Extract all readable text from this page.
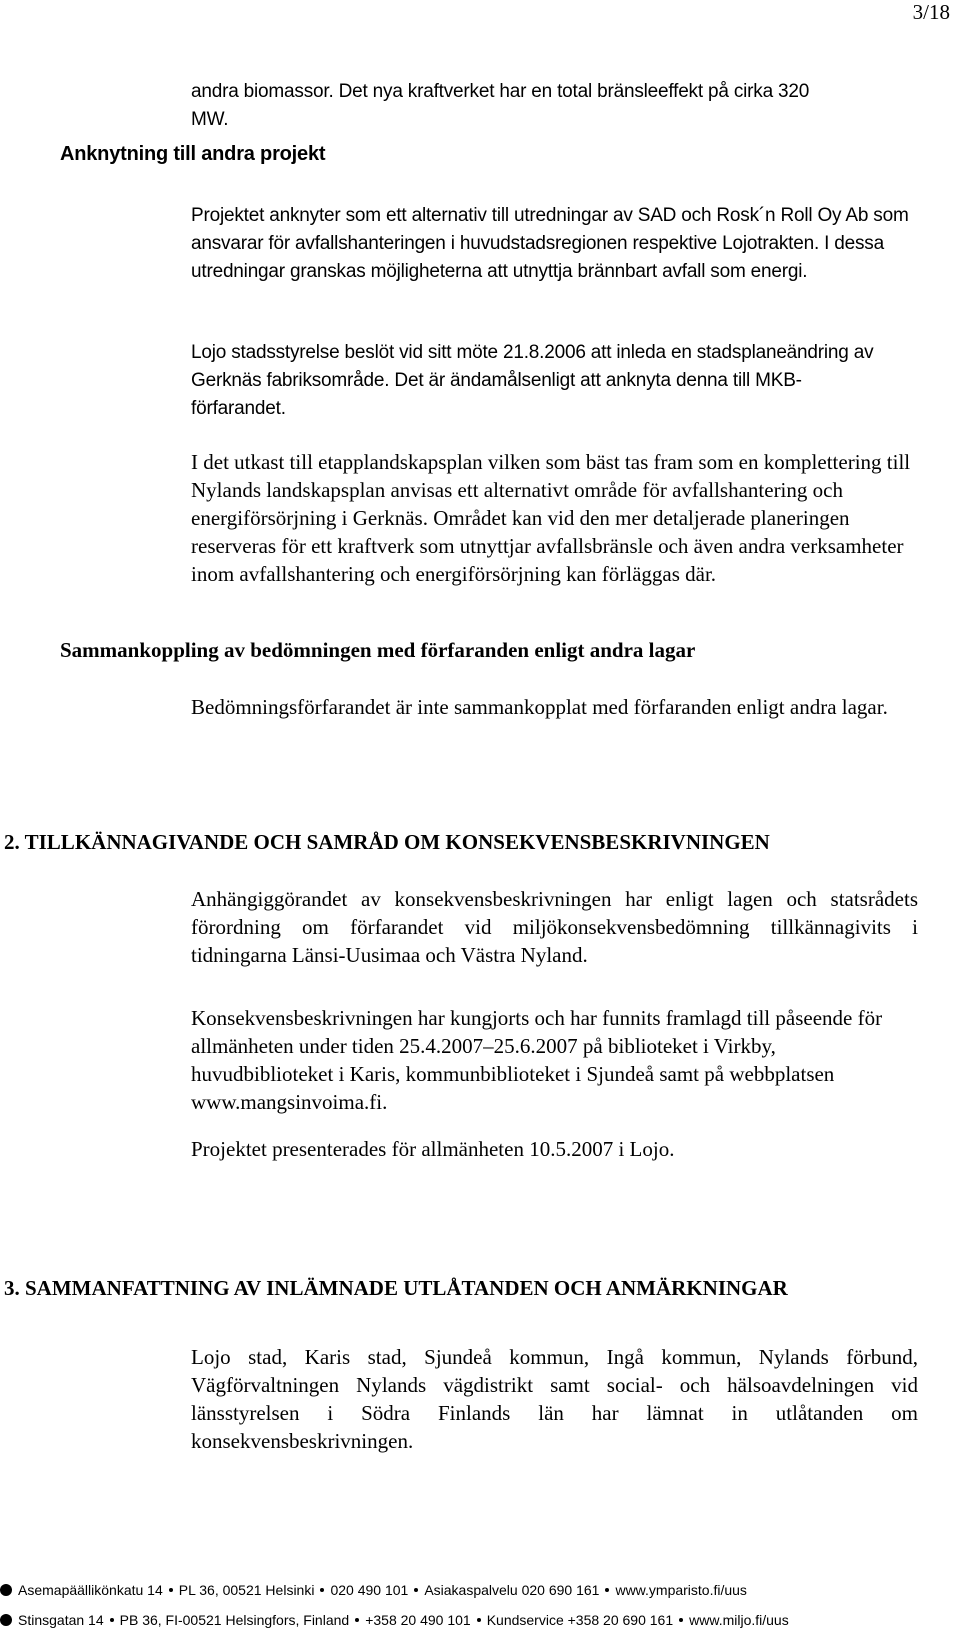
3/18
andra biomassor. Det nya kraftverket har en total bränsleeffekt på cirka 320
MW.
Anknytning till andra projekt
Projektet anknyter som ett alternativ till utredningar av SAD och Rosk´n Roll Oy Ab som ansvarar för avfallshanteringen i huvudstadsregionen respektive Lojotrakten. I dessa utredningar granskas möjligheterna att utnyttja brännbart avfall som energi.
Lojo stadsstyrelse beslöt vid sitt möte 21.8.2006 att inleda en stadsplaneändring av Gerknäs fabriksområde. Det är ändamålsenligt att anknyta denna till MKB-förfarandet.
I det utkast till etapplandskapsplan vilken som bäst tas fram som en komplettering till Nylands landskapsplan anvisas ett alternativt område för avfallshantering och energiförsörjning i Gerknäs. Området kan vid den mer detaljerade planeringen reserveras för ett kraftverk som utnyttjar avfallsbränsle och även andra verksamheter inom avfallshantering och energiförsörjning kan förläggas där.
Sammankoppling av bedömningen med förfaranden enligt andra lagar
Bedömningsförfarandet är inte sammankopplat med förfaranden enligt andra lagar.
2. TILLKÄNNAGIVANDE OCH SAMRÅD OM KONSEKVENSBESKRIVNINGEN
Anhängiggörandet av konsekvensbeskrivningen har enligt lagen och statsrådets förordning om förfarandet vid miljökonsekvensbedömning tillkännagivits i tidningarna Länsi-Uusimaa och Västra Nyland.
Konsekvensbeskrivningen har kungjorts och har funnits framlagd till påseende för allmänheten under tiden 25.4.2007–25.6.2007 på biblioteket i Virkby, huvudbiblioteket i Karis, kommunbiblioteket i Sjundeå samt på webbplatsen www.mangsinvoima.fi.
Projektet presenterades för allmänheten 10.5.2007 i Lojo.
3. SAMMANFATTNING AV INLÄMNADE UTLÅTANDEN OCH ANMÄRKNINGAR
Lojo stad, Karis stad, Sjundeå kommun, Ingå kommun, Nylands förbund, Vägförvaltningen Nylands vägdistrikt samt social- och hälsoavdelningen vid länsstyrelsen i Södra Finlands län har lämnat in utlåtanden om konsekvensbeskrivningen.
Asemapäällikönkatu 14 PL 36, 00521 Helsinki 020 490 101 Asiakaspalvelu 020 690 161 www.ymparisto.fi/uus
Stinsgatan 14 PB 36, FI-00521 Helsingfors, Finland +358 20 490 101 Kundservice +358 20 690 161 www.miljo.fi/uus
